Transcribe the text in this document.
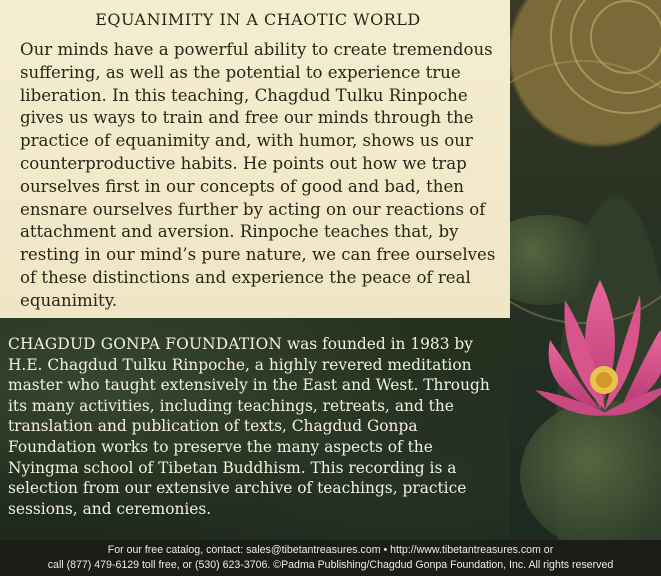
EQUANIMITY IN A CHAOTIC WORLD

Our minds have a powerful ability to create tremendous suffering, as well as the potential to experience true liberation. In this teaching, Chagdud Tulku Rinpoche gives us ways to train and free our minds through the practice of equanimity and, with humor, shows us our counterproductive habits. He points out how we trap ourselves first in our concepts of good and bad, then ensnare ourselves further by acting on our reactions of attachment and aversion. Rinpoche teaches that, by resting in our mind’s pure nature, we can free ourselves of these distinctions and experience the peace of real equanimity.

CHAGDUD GONPA FOUNDATION was founded in 1983 by H.E. Chagdud Tulku Rinpoche, a highly revered meditation master who taught extensively in the East and West. Through its many activities, including teachings, retreats, and the translation and publication of texts, Chagdud Gonpa Foundation works to preserve the many aspects of the Nyingma school of Tibetan Buddhism. This recording is a selection from our extensive archive of teachings, practice sessions, and ceremonies.

For our free catalog, contact: sales@tibetantreasures.com • http://www.tibetantreasures.com or
call (877) 479-6129 toll free, or (530) 623-3706. ©Padma Publishing/Chagdud Gonpa Foundation, Inc. All rights reserved
